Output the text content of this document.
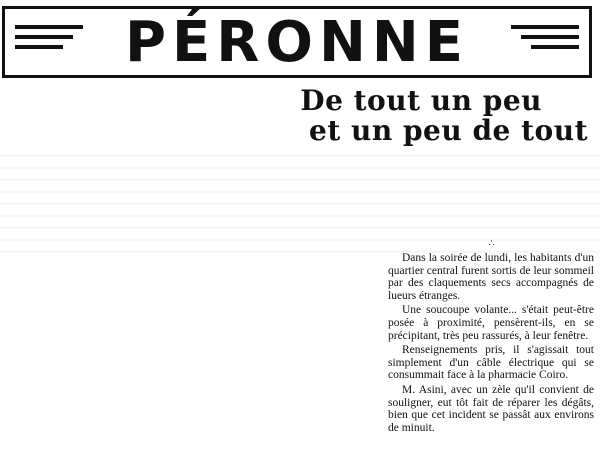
PÉRONNE
De tout un peu
et un peu de tout
∴

Dans la soirée de lundi, les habitants d'un quartier central furent sortis de leur sommeil par des claquements secs accompagnés de lueurs étranges.

Une soucoupe volante... s'était peut-être posée à proximité, pensèrent-ils, en se précipitant, très peu rassurés, à leur fenêtre.

Renseignements pris, il s'agissait tout simplement d'un câble électrique qui se consummait face à la pharmacie Coiro.

M. Asini, avec un zèle qu'il convient de souligner, eut tôt fait de réparer les dégâts, bien que cet incident se passât aux environs de minuit.
